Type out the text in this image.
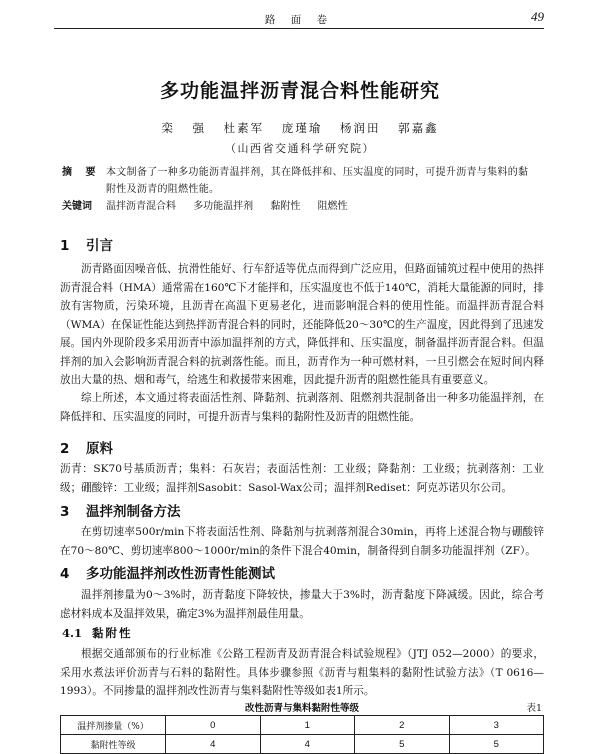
路 面 卷	49
多功能温拌沥青混合料性能研究
栾 强 杜素军 庞瑾瑜 杨润田 郭嘉鑫
（山西省交通科学研究院）
摘 要 本文制备了一种多功能沥青温拌剂，其在降低拌和、压实温度的同时，可提升沥青与集料的黏附性及沥青的阻燃性能。
关键词 温拌沥青混合料 多功能温拌剂 黏附性 阻燃性
1 引言

沥青路面因噪音低、抗滑性能好、行车舒适等优点而得到广泛应用，但路面铺筑过程中使用的热拌沥青混合料（HMA）通常需在160℃下才能拌和，压实温度也不低于140℃，消耗大量能源的同时，排放有害物质，污染环境，且沥青在高温下更易老化，进而影响混合料的使用性能。而温拌沥青混合料（WMA）在保证性能达到热拌沥青混合料的同时，还能降低20～30℃的生产温度，因此得到了迅速发展。 国内外现阶段多采用沥青中添加温拌剂的方式，降低拌和、压实温度，制备温拌沥青混合料。但温拌剂的加入会影响沥青混合料的抗剥落性能。而且，沥青作为一种可燃材料，一旦引燃会在短时间内释放出大量的热、烟和毒气，给逃生和救援带来困难，因此提升沥青的阻燃性能具有重要意义。

综上所述，本文通过将表面活性剂、降黏剂、抗剥落剂、阻燃剂共混制备出一种多功能温拌剂，在降低拌和、压实温度的同时，可提升沥青与集料的黏附性及沥青的阻燃性能。

2 原料

沥青：SK70号基质沥青；集料：石灰岩；表面活性剂：工业级；降黏剂：工业级；抗剥落剂：工业级；硼酸锌：工业级；温拌剂Sasobit：Sasol-Wax公司；温拌剂Rediset：阿克苏诺贝尔公司。

3 温拌剂制备方法

在剪切速率500r/min下将表面活性剂、降黏剂与抗剥落剂混合30min，再将上述混合物与硼酸锌在70～80℃、剪切速率800～1000r/min的条件下混合40min，制备得到自制多功能温拌剂（ZF）。

4 多功能温拌剂改性沥青性能测试

温拌剂掺量为0～3%时，沥青黏度下降较快，掺量大于3%时，沥青黏度下降减缓。因此，综合考虑材料成本及温拌效果，确定3%为温拌剂最佳用量。

4.1 黏附性

根据交通部颁布的行业标准《公路工程沥青及沥青混合料试验规程》（JTJ 052—2000）的要求，采用水煮法评价沥青与石料的黏附性。具体步骤参照《沥青与粗集料的黏附性试验方法》（T 0616—1993）。不同掺量的温拌剂改性沥青与集料黏附性等级如表1所示。

改性沥青与集料黏附性等级	表1
温拌剂掺量（%）	0	1	2	3
黏附性等级	4	4	5	5
